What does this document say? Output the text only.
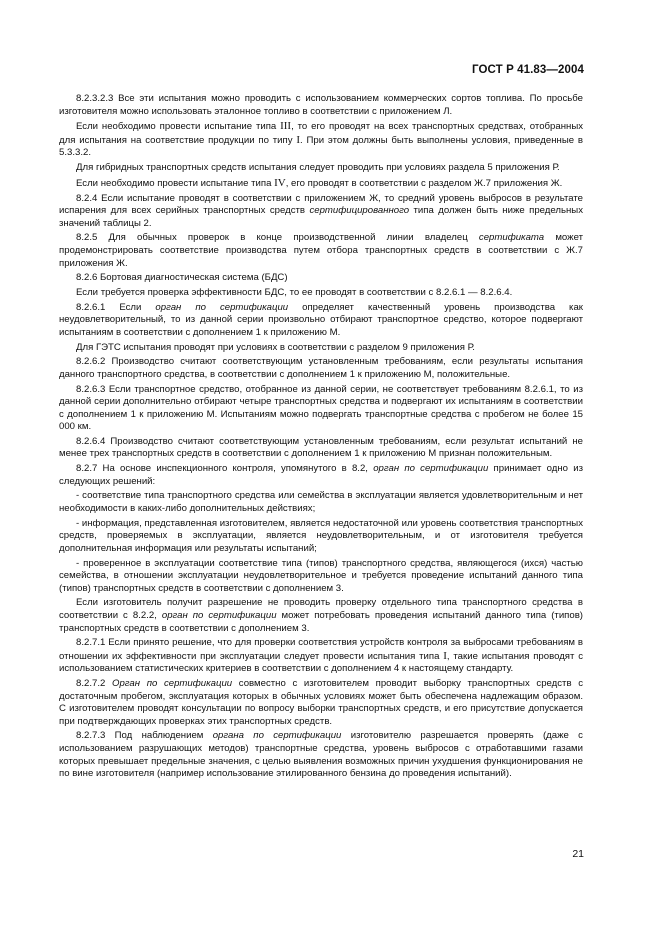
ГОСТ Р 41.83—2004

8.2.3.2.3 Все эти испытания можно проводить с использованием коммерческих сортов топлива. По просьбе изготовителя можно использовать эталонное топливо в соответствии с приложением Л.

Если необходимо провести испытание типа III, то его проводят на всех транспортных средствах, отобранных для испытания на соответствие продукции по типу I. При этом должны быть выполнены условия, приведенные в 5.3.3.2.

Для гибридных транспортных средств испытания следует проводить при условиях раздела 5 приложения Р.

Если необходимо провести испытание типа IV, его проводят в соответствии с разделом Ж.7 приложения Ж.

8.2.4 Если испытание проводят в соответствии с приложением Ж, то средний уровень выбросов в результате испарения для всех серийных транспортных средств сертифицированного типа должен быть ниже предельных значений таблицы 2.

8.2.5 Для обычных проверок в конце производственной линии владелец сертификата может продемонстрировать соответствие производства путем отбора транспортных средств в соответствии с Ж.7 приложения Ж.

8.2.6 Бортовая диагностическая система (БДС)

Если требуется проверка эффективности БДС, то ее проводят в соответствии с 8.2.6.1 — 8.2.6.4.

8.2.6.1 Если орган по сертификации определяет качественный уровень производства как неудовлетворительный, то из данной серии произвольно отбирают транспортное средство, которое подвергают испытаниям в соответствии с дополнением 1 к приложению М.

Для ГЭТС испытания проводят при условиях в соответствии с разделом 9 приложения Р.

8.2.6.2 Производство считают соответствующим установленным требованиям, если результаты испытания данного транспортного средства, в соответствии с дополнением 1 к приложению М, положительные.

8.2.6.3 Если транспортное средство, отобранное из данной серии, не соответствует требованиям 8.2.6.1, то из данной серии дополнительно отбирают четыре транспортных средства и подвергают их испытаниям в соответствии с дополнением 1 к приложению М. Испытаниям можно подвергать транспортные средства с пробегом не более 15 000 км.

8.2.6.4 Производство считают соответствующим установленным требованиям, если результат испытаний не менее трех транспортных средств в соответствии с дополнением 1 к приложению М признан положительным.

8.2.7 На основе инспекционного контроля, упомянутого в 8.2, орган по сертификации принимает одно из следующих решений:

- соответствие типа транспортного средства или семейства в эксплуатации является удовлетворительным и нет необходимости в каких-либо дополнительных действиях;

- информация, представленная изготовителем, является недостаточной или уровень соответствия транспортных средств, проверяемых в эксплуатации, является неудовлетворительным, и от изготовителя требуется дополнительная информация или результаты испытаний;

- проверенное в эксплуатации соответствие типа (типов) транспортного средства, являющегося (ихся) частью семейства, в отношении эксплуатации неудовлетворительное и требуется проведение испытаний данного типа (типов) транспортных средств в соответствии с дополнением 3.

Если изготовитель получит разрешение не проводить проверку отдельного типа транспортного средства в соответствии с 8.2.2, орган по сертификации может потребовать проведения испытаний данного типа (типов) транспортных средств в соответствии с дополнением 3.

8.2.7.1 Если принято решение, что для проверки соответствия устройств контроля за выбросами требованиям в отношении их эффективности при эксплуатации следует провести испытания типа I, такие испытания проводят с использованием статистических критериев в соответствии с дополнением 4 к настоящему стандарту.

8.2.7.2 Орган по сертификации совместно с изготовителем проводит выборку транспортных средств с достаточным пробегом, эксплуатация которых в обычных условиях может быть обеспечена надлежащим образом. С изготовителем проводят консультации по вопросу выборки транспортных средств, и его присутствие допускается при подтверждающих проверках этих транспортных средств.

8.2.7.3 Под наблюдением органа по сертификации изготовителю разрешается проверять (даже с использованием разрушающих методов) транспортные средства, уровень выбросов с отработавшими газами которых превышает предельные значения, с целью выявления возможных причин ухудшения функционирования не по вине изготовителя (например использование этилированного бензина до проведения испытаний).

21
